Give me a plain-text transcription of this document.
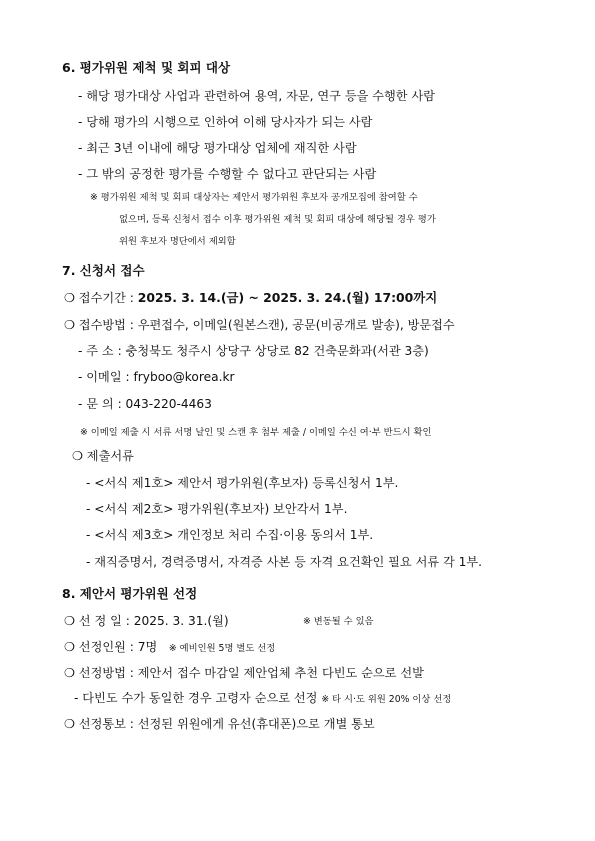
6. 평가위원 제척 및 회피 대상
- 해당 평가대상 사업과 관련하여 용역, 자문, 연구 등을 수행한 사람
- 당해 평가의 시행으로 인하여 이해 당사자가 되는 사람
- 최근 3년 이내에 해당 평가대상 업체에 재직한 사람
- 그 밖의 공정한 평가를 수행할 수 없다고 판단되는 사람
※ 평가위원 제척 및 회피 대상자는 제안서 평가위원 후보자 공개모집에 참여할 수
없으며, 등록 신청서 접수 이후 평가위원 제척 및 회피 대상에 해당될 경우 평가
위원 후보자 명단에서 제외함
7. 신청서 접수
❍ 접수기간 : 2025. 3. 14.(금) ~ 2025. 3. 24.(월) 17:00까지
❍ 접수방법 : 우편접수, 이메일(원본스캔), 공문(비공개로 발송), 방문접수
- 주 소 : 충청북도 청주시 상당구 상당로 82 건축문화과(서관 3층)
- 이메일 : fryboo@korea.kr
- 문 의 : 043-220-4463
※ 이메일 제출 시 서류 서명 날인 및 스캔 후 첨부 제출 / 이메일 수신 여·부 반드시 확인
❍ 제출서류
- <서식 제1호> 제안서 평가위원(후보자) 등록신청서 1부.
- <서식 제2호> 평가위원(후보자) 보안각서 1부.
- <서식 제3호> 개인정보 처리 수집·이용 동의서 1부.
- 재직증명서, 경력증명서, 자격증 사본 등 자격 요건확인 필요 서류 각 1부.
8. 제안서 평가위원 선정
❍ 선 정 일 : 2025. 3. 31.(월)	※ 변동될 수 있음
❍ 선정인원 : 7명 ※ 예비인원 5명 별도 선정
❍ 선정방법 : 제안서 접수 마감일 제안업체 추천 다빈도 순으로 선발
- 다빈도 수가 동일한 경우 고령자 순으로 선정 ※ 타 시·도 위원 20% 이상 선정
❍ 선정통보 : 선정된 위원에게 유선(휴대폰)으로 개별 통보
